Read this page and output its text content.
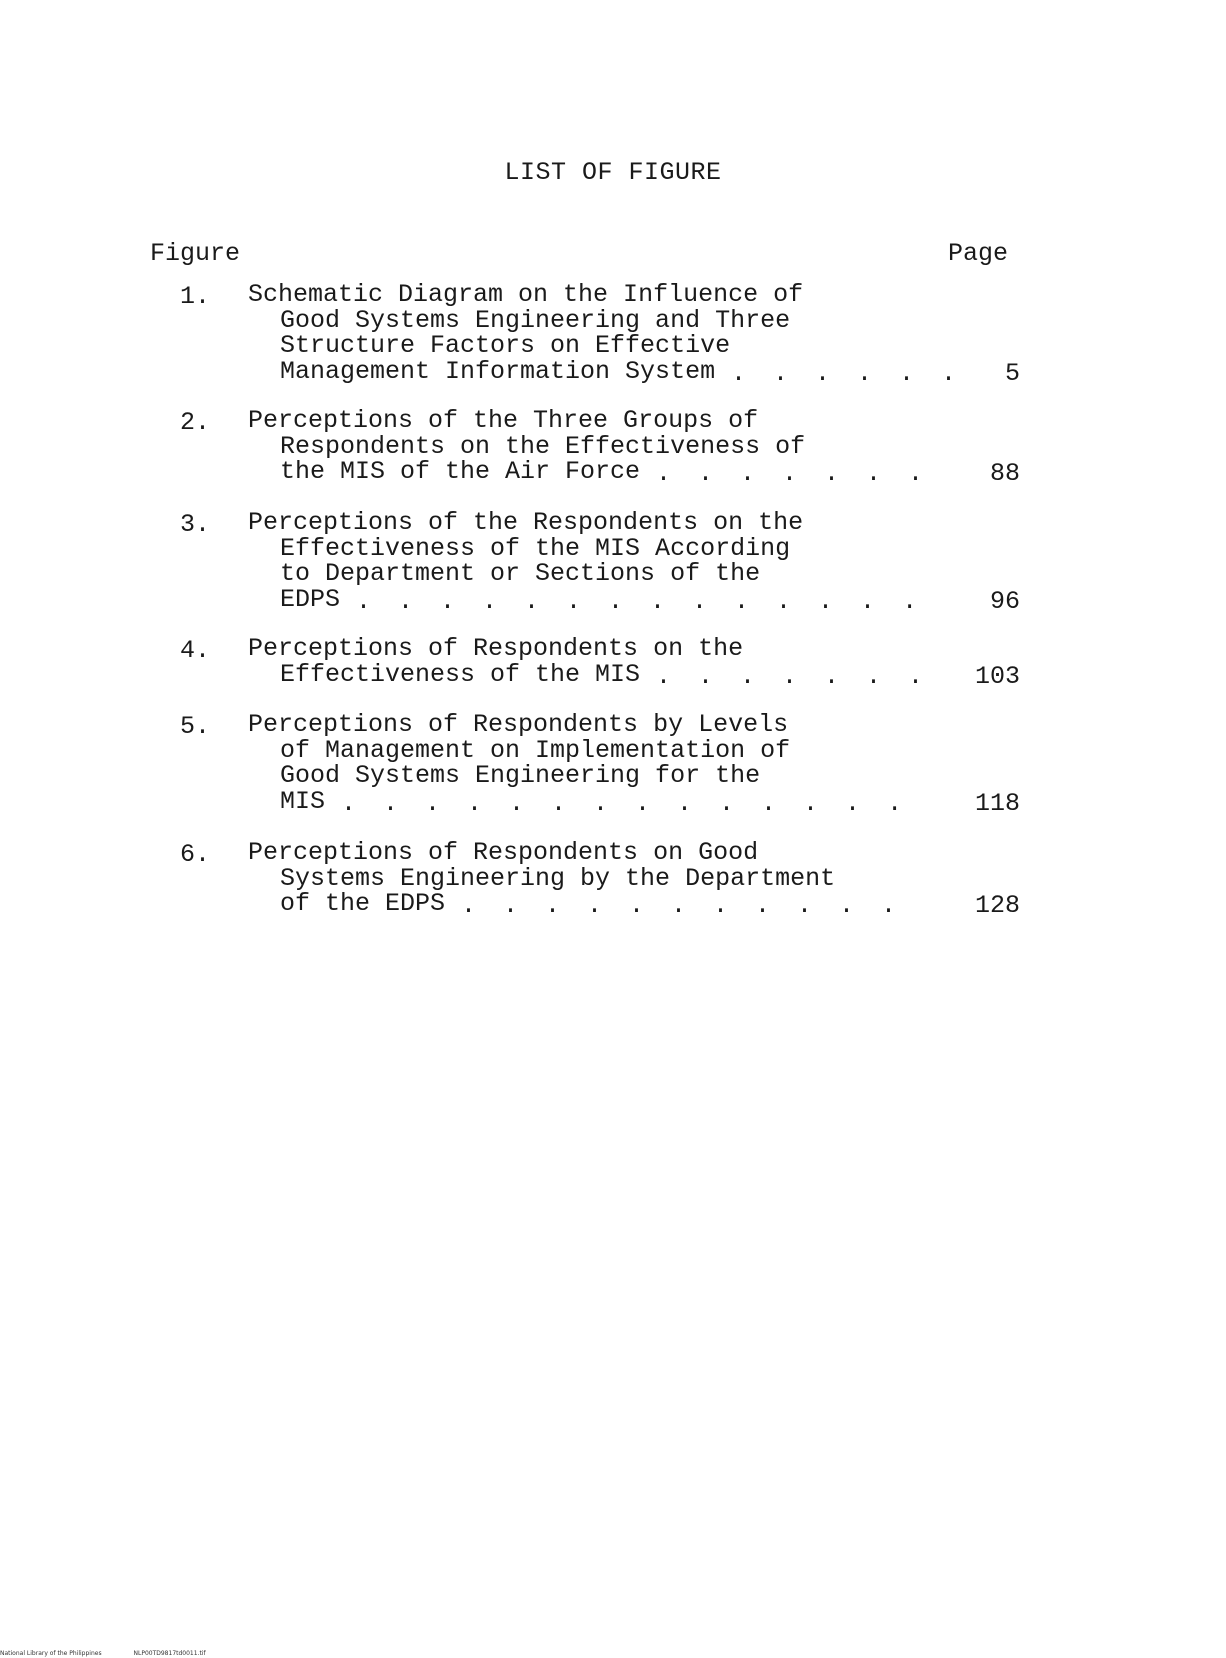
LIST OF FIGURE
Figure	Page
1. Schematic Diagram on the Influence of
Good Systems Engineering and Three
Structure Factors on Effective
Management Information System . . . . . . 5
2. Perceptions of the Three Groups of
Respondents on the Effectiveness of
the MIS of the Air Force . . . . . . . 88
3. Perceptions of the Respondents on the
Effectiveness of the MIS According
to Department or Sections of the
EDPS . . . . . . . . . . . . . . 96
4. Perceptions of Respondents on the
Effectiveness of the MIS . . . . . . . 103
5. Perceptions of Respondents by Levels
of Management on Implementation of
Good Systems Engineering for the
MIS . . . . . . . . . . . . . . 118
6. Perceptions of Respondents on Good
Systems Engineering by the Department
of the EDPS . . . . . . . . . . . 128
National Library of the Philippines	NLP00TD9817td0011.tif
